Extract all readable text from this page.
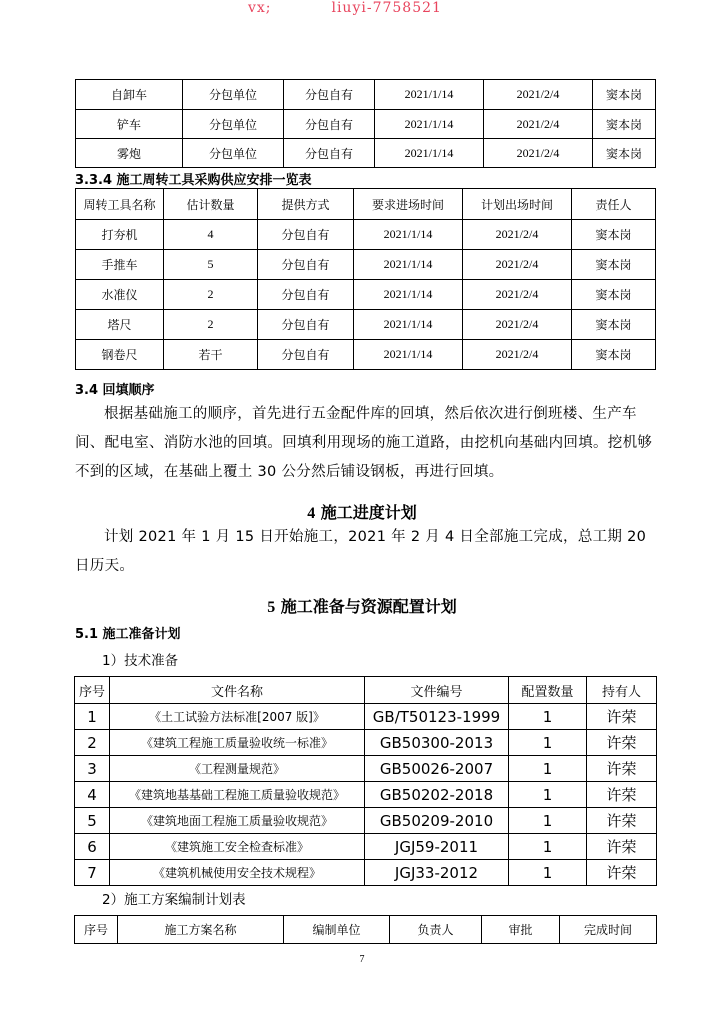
vx;           liuyi-7758521
自卸车	分包单位	分包自有	2021/1/14	2021/2/4	窦本岗
铲车	分包单位	分包自有	2021/1/14	2021/2/4	窦本岗
雾炮	分包单位	分包自有	2021/1/14	2021/2/4	窦本岗
3.3.4 施工周转工具采购供应安排一览表
周转工具名称	估计数量	提供方式	要求进场时间	计划出场时间	责任人
打夯机	4	分包自有	2021/1/14	2021/2/4	窦本岗
手推车	5	分包自有	2021/1/14	2021/2/4	窦本岗
水准仪	2	分包自有	2021/1/14	2021/2/4	窦本岗
塔尺	2	分包自有	2021/1/14	2021/2/4	窦本岗
钢卷尺	若干	分包自有	2021/1/14	2021/2/4	窦本岗
3.4 回填顺序
根据基础施工的顺序，首先进行五金配件库的回填，然后依次进行倒班楼、生产车间、配电室、消防水池的回填。回填利用现场的施工道路，由挖机向基础内回填。挖机够不到的区域，在基础上覆土 30 公分然后铺设钢板，再进行回填。
4 施工进度计划
计划 2021 年 1 月 15 日开始施工，2021 年 2 月 4 日全部施工完成，总工期 20 日历天。
5 施工准备与资源配置计划
5.1 施工准备计划
1）技术准备
序号	文件名称	文件编号	配置数量	持有人
1	《土工试验方法标准[2007 版]》	GB/T50123-1999	1	许荣
2	《建筑工程施工质量验收统一标准》	GB50300-2013	1	许荣
3	《工程测量规范》	GB50026-2007	1	许荣
4	《建筑地基基础工程施工质量验收规范》	GB50202-2018	1	许荣
5	《建筑地面工程施工质量验收规范》	GB50209-2010	1	许荣
6	《建筑施工安全检查标准》	JGJ59-2011	1	许荣
7	《建筑机械使用安全技术规程》	JGJ33-2012	1	许荣
2）施工方案编制计划表
序号	施工方案名称	编制单位	负责人	审批	完成时间
7
